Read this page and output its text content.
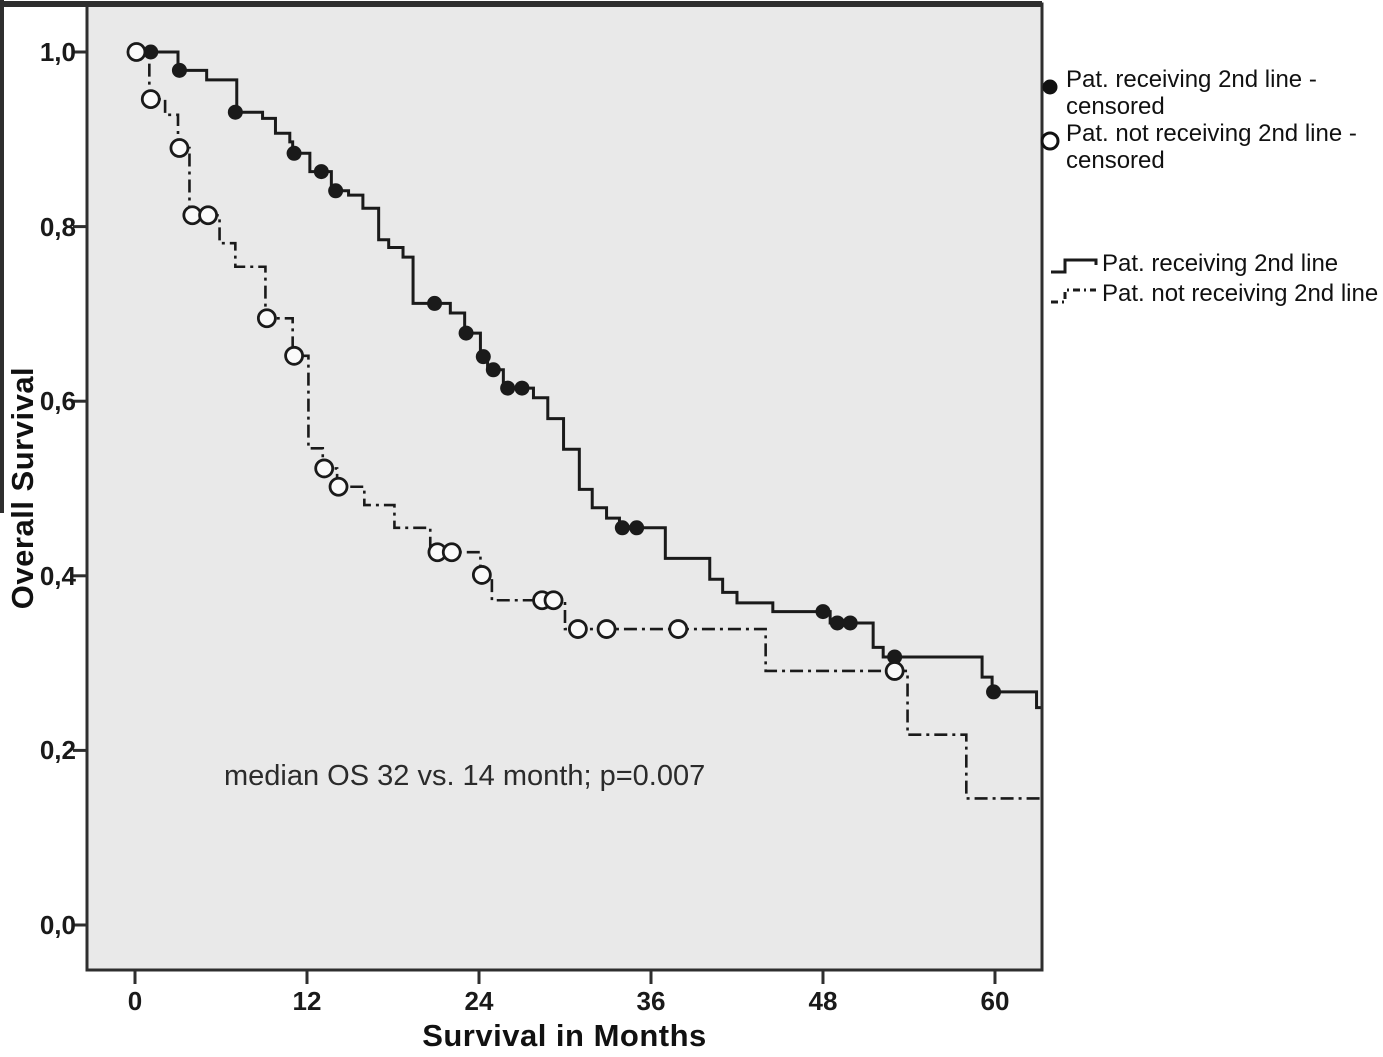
Overall Survival
Survival in Months
1,0
0,8
0,6
0,4
0,2
0,0
0	12	24	36	48	60
median OS 32 vs. 14 month; p=0.007
Pat. receiving 2nd line -
censored
Pat. not receiving 2nd line -
censored
Pat. receiving 2nd line
Pat. not receiving 2nd line
